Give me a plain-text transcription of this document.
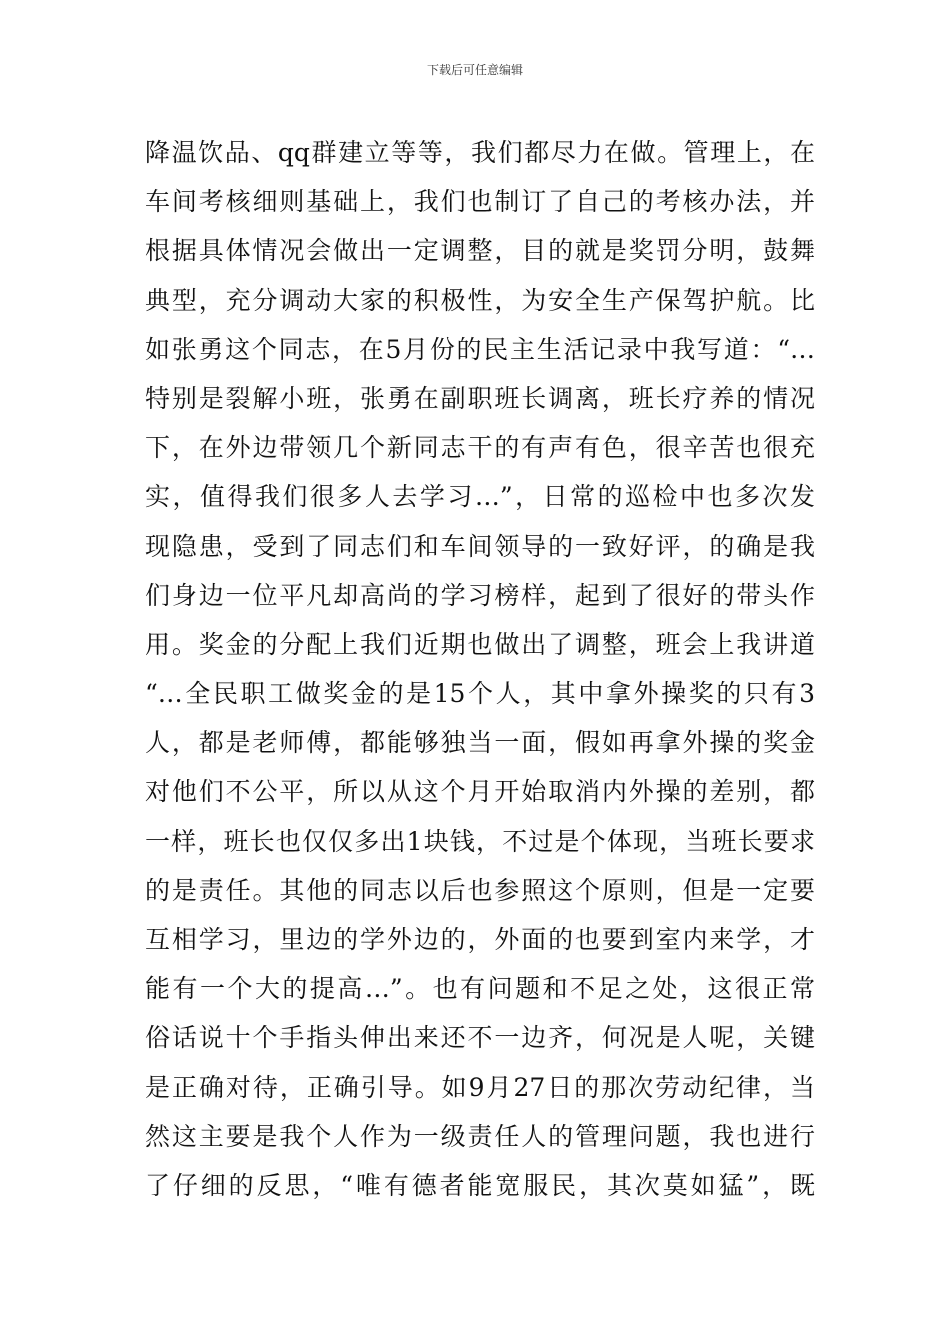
下载后可任意编辑
降温饮品、qq群建立等等，我们都尽力在做。管理上，在
车间考核细则基础上，我们也制订了自己的考核办法，并
根据具体情况会做出一定调整，目的就是奖罚分明，鼓舞
典型，充分调动大家的积极性，为安全生产保驾护航。比
如张勇这个同志，在5月份的民主生活记录中我写道：“…
特别是裂解小班，张勇在副职班长调离，班长疗养的情况
下，在外边带领几个新同志干的有声有色，很辛苦也很充
实，值得我们很多人去学习…”，日常的巡检中也多次发
现隐患，受到了同志们和车间领导的一致好评，的确是我
们身边一位平凡却高尚的学习榜样，起到了很好的带头作
用。奖金的分配上我们近期也做出了调整，班会上我讲道
“…全民职工做奖金的是15个人，其中拿外操奖的只有3
人，都是老师傅，都能够独当一面，假如再拿外操的奖金
对他们不公平，所以从这个月开始取消内外操的差别，都
一样，班长也仅仅多出1块钱，不过是个体现，当班长要求
的是责任。其他的同志以后也参照这个原则，但是一定要
互相学习，里边的学外边的，外面的也要到室内来学，才
能有一个大的提高…”。也有问题和不足之处，这很正常
俗话说十个手指头伸出来还不一边齐，何况是人呢，关键
是正确对待，正确引导。如9月27日的那次劳动纪律，当
然这主要是我个人作为一级责任人的管理问题，我也进行
了仔细的反思，“唯有德者能宽服民，其次莫如猛”，既
